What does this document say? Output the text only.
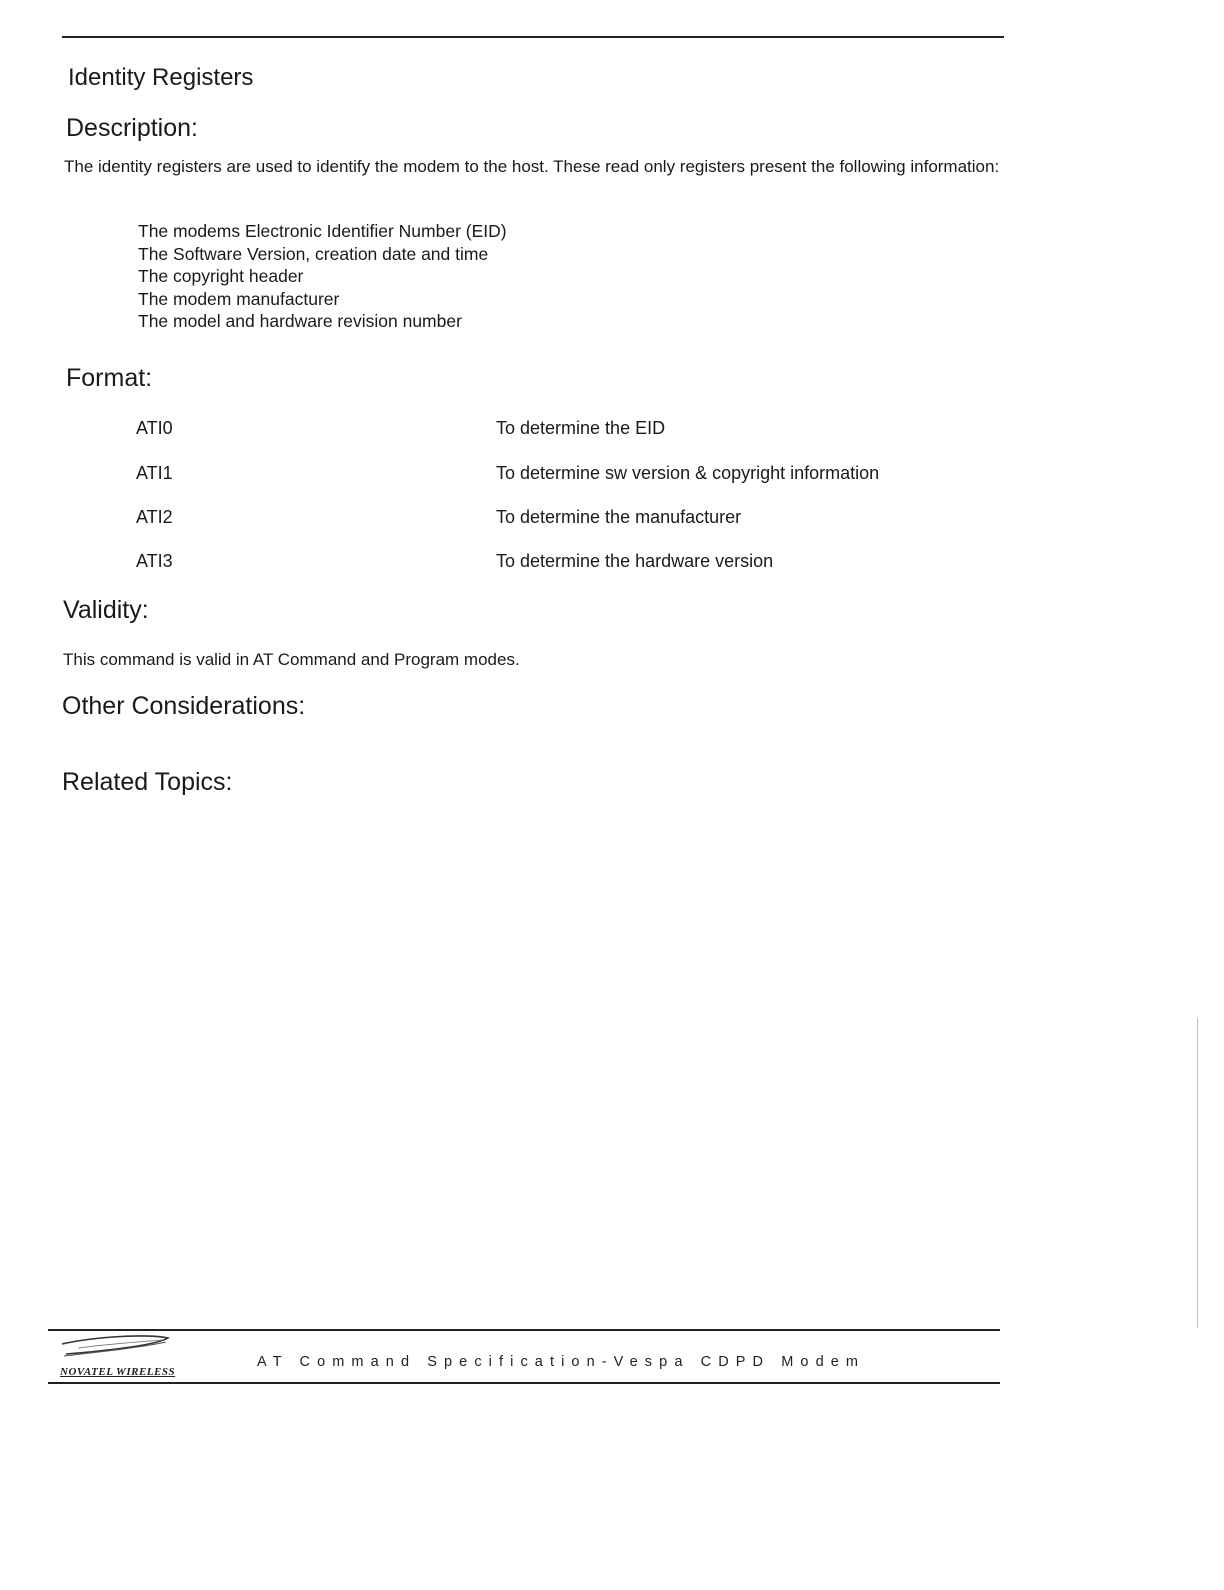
Identity Registers
Description:

The identity registers are used to identify the modem to the host. These read only registers present the following information:

The modems Electronic Identifier Number (EID)
The Software Version, creation date and time
The copyright header
The modem manufacturer
The model and hardware revision number
Format:
ATI0	To determine the EID
ATI1	To determine sw version & copyright information
ATI2	To determine the manufacturer
ATI3	To determine the hardware version
Validity:

This command is valid in AT Command and Program modes.

Other Considerations:
Related Topics:
NOVATEL WIRELESS
AT Command Specification-Vespa CDPD Modem
